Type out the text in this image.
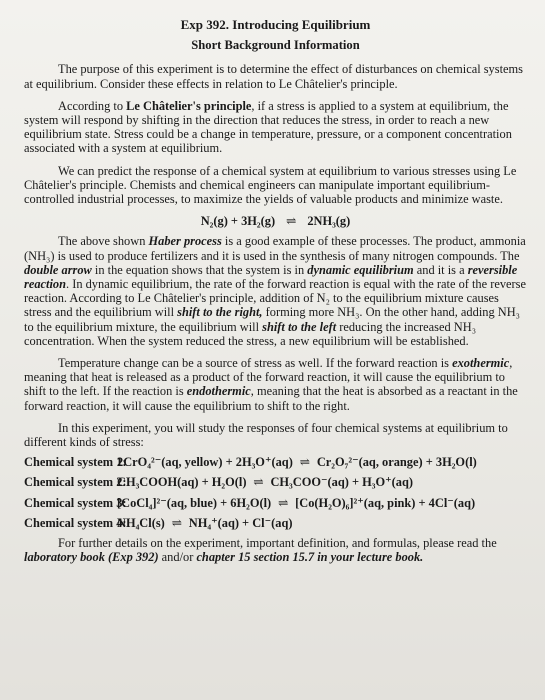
Exp 392. Introducing Equilibrium
Short Background Information

The purpose of this experiment is to determine the effect of disturbances on chemical systems at equilibrium. Consider these effects in relation to Le Châtelier's principle.

According to Le Châtelier's principle, if a stress is applied to a system at equilibrium, the system will respond by shifting in the direction that reduces the stress, in order to reach a new equilibrium state. Stress could be a change in temperature, pressure, or a component concentration associated with a system at equilibrium.

We can predict the response of a chemical system at equilibrium to various stresses using Le Châtelier's principle. Chemists and chemical engineers can manipulate important equilibrium-controlled industrial processes, to maximize the yields of valuable products and minimize waste.

N₂(g) + 3H₂(g) ⇌ 2NH₃(g)

The above shown Haber process is a good example of these processes. The product, ammonia (NH₃) is used to produce fertilizers and it is used in the synthesis of many nitrogen compounds. The double arrow in the equation shows that the system is in dynamic equilibrium and it is a reversible reaction. In dynamic equilibrium, the rate of the forward reaction is equal with the rate of the reverse reaction. According to Le Châtelier's principle, addition of N₂ to the equilibrium mixture causes stress and the equilibrium will shift to the right, forming more NH₃. On the other hand, adding NH₃ to the equilibrium mixture, the equilibrium will shift to the left reducing the increased NH₃ concentration. When the system reduced the stress, a new equilibrium will be established.

Temperature change can be a source of stress as well. If the forward reaction is exothermic, meaning that heat is released as a product of the forward reaction, it will cause the equilibrium to shift to the left. If the reaction is endothermic, meaning that the heat is absorbed as a reactant in the forward reaction, it will cause the equilibrium to shift to the right.

In this experiment, you will study the responses of four chemical systems at equilibrium to different kinds of stress:

Chemical system 1:
2CrO₄²⁻(aq, yellow) + 2H₃O⁺(aq) ⇌ Cr₂O₇²⁻(aq, orange) + 3H₂O(l)
Chemical system 2:
CH₃COOH(aq) + H₂O(l) ⇌ CH₃COO⁻(aq) + H₃O⁺(aq)
Chemical system 3:
[CoCl₄]²⁻(aq, blue) + 6H₂O(l) ⇌ [Co(H₂O)₆]²⁺(aq, pink) + 4Cl⁻(aq)
Chemical system 4:
NH₄Cl(s) ⇌ NH₄⁺(aq) + Cl⁻(aq)

For further details on the experiment, important definition, and formulas, please read the laboratory book (Exp 392) and/or chapter 15 section 15.7 in your lecture book.
